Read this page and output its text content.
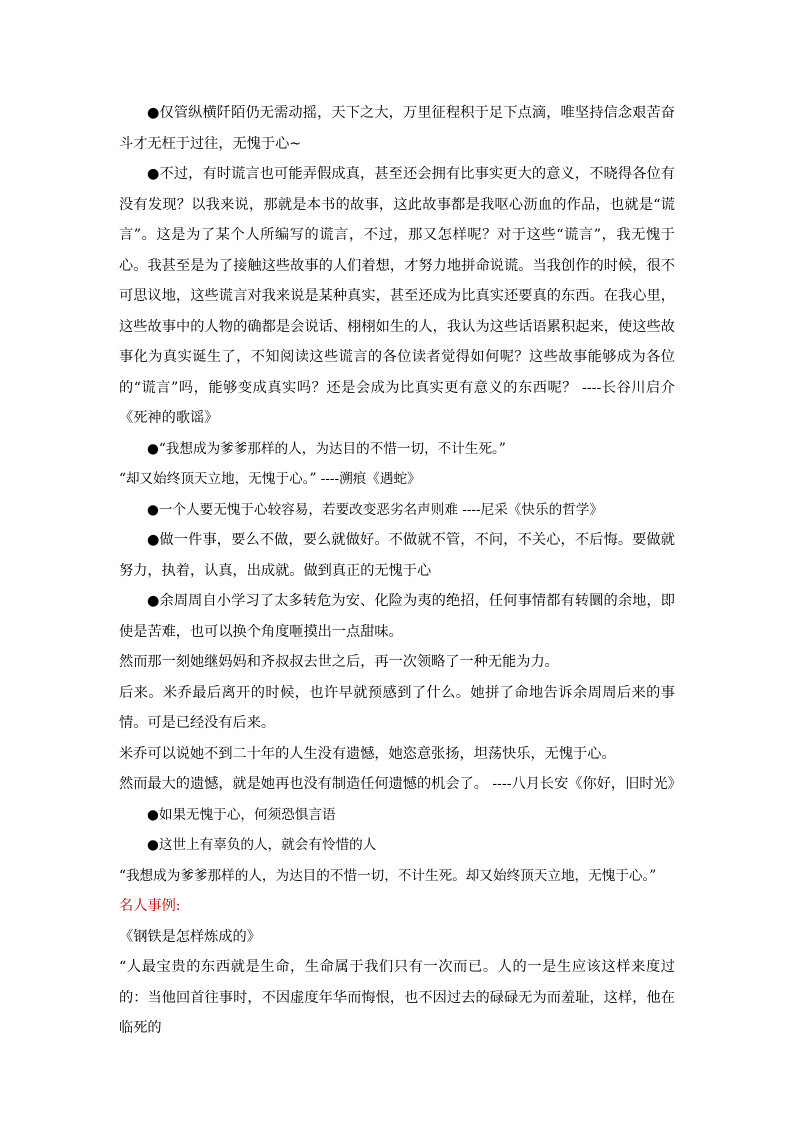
●仅管纵横阡陌仍无需动摇，天下之大，万里征程积于足下点滴，唯坚持信念艰苦奋斗才无枉于过往，无愧于心~

●不过，有时谎言也可能弄假成真，甚至还会拥有比事实更大的意义，不晓得各位有没有发现？以我来说，那就是本书的故事，这此故事都是我呕心沥血的作品，也就是“谎言”。这是为了某个人所编写的谎言，不过，那又怎样呢？对于这些“谎言”，我无愧于心。我甚至是为了接触这些故事的人们着想，才努力地拼命说谎。当我创作的时候，很不可思议地，这些谎言对我来说是某种真实，甚至还成为比真实还要真的东西。在我心里，这些故事中的人物的确都是会说话、栩栩如生的人，我认为这些话语累积起来，使这些故事化为真实诞生了，不知阅读这些谎言的各位读者觉得如何呢？这些故事能够成为各位的“谎言”吗，能够变成真实吗？还是会成为比真实更有意义的东西呢？ ----长谷川启介《死神的歌谣》

●“我想成为爹爹那样的人，为达目的不惜一切，不计生死。”

“却又始终顶天立地，无愧于心。” ----溯痕《遇蛇》

●一个人要无愧于心较容易，若要改变恶劣名声则难 ----尼采《快乐的哲学》

●做一件事，要么不做，要么就做好。不做就不管，不问，不关心，不后悔。要做就努力，执着，认真，出成就。做到真正的无愧于心

●余周周自小学习了太多转危为安、化险为夷的绝招，任何事情都有转圜的余地，即使是苦难，也可以换个角度咂摸出一点甜味。

然而那一刻她继妈妈和齐叔叔去世之后，再一次领略了一种无能为力。

后来。米乔最后离开的时候，也许早就预感到了什么。她拼了命地告诉余周周后来的事情。可是已经没有后来。

米乔可以说她不到二十年的人生没有遗憾，她恣意张扬，坦荡快乐，无愧于心。

然而最大的遗憾，就是她再也没有制造任何遗憾的机会了。 ----八月长安《你好，旧时光》

●如果无愧于心，何须恐惧言语

●这世上有辜负的人，就会有怜惜的人

“我想成为爹爹那样的人，为达目的不惜一切，不计生死。却又始终顶天立地，无愧于心。”

名人事例:

《钢铁是怎样炼成的》

“人最宝贵的东西就是生命，生命属于我们只有一次而已。人的一是生应该这样来度过的：当他回首往事时，不因虚度年华而悔恨，也不因过去的碌碌无为而羞耻，这样，他在临死的
